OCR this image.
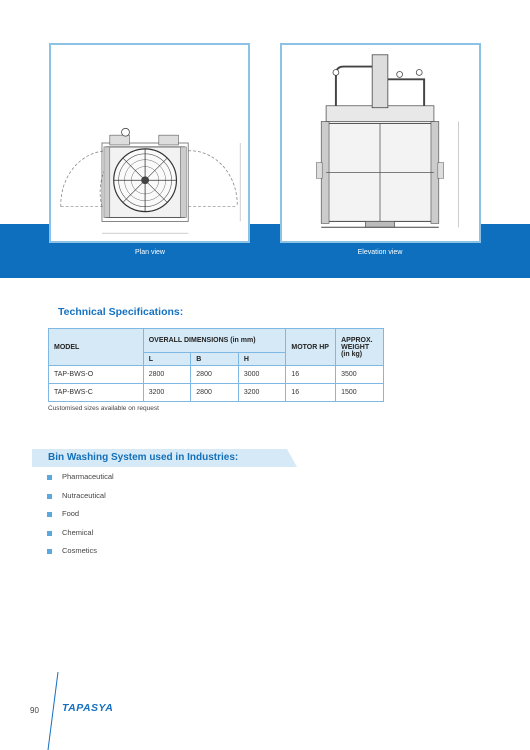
Plan view	Elevation view
Technical Specifications:
MODEL	OVERALL DIMENSIONS (in mm)			MOTOR HP	APPROX. WEIGHT (in kg)
	L	B	H		
TAP-BWS-O	2800	2800	3000	16	3500
TAP-BWS-C	3200	2800	3200	16	1500
Customised sizes available on request
Bin Washing System used in Industries:
Pharmaceutical
Nutraceutical
Food
Chemical
Cosmetics
90 TAPASYA
